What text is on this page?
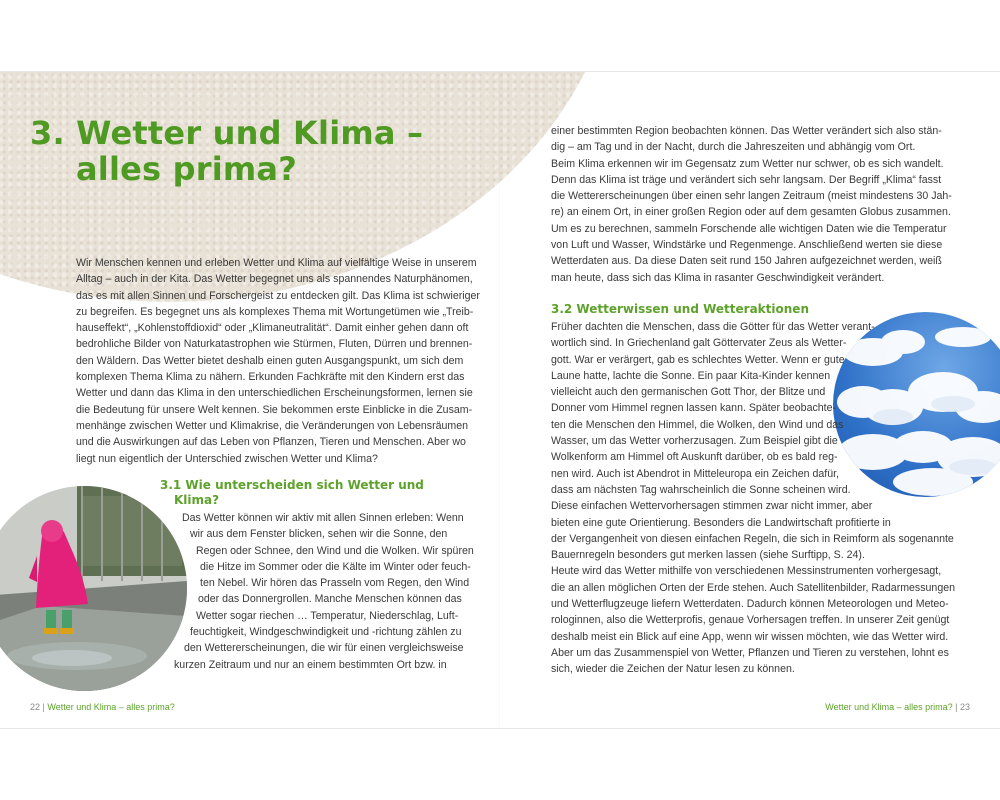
3. Wetter und Klima –
alles prima?
Wir Menschen kennen und erleben Wetter und Klima auf vielfältige Weise in unserem
Alltag – auch in der Kita. Das Wetter begegnet uns als spannendes Naturphänomen,
das es mit allen Sinnen und Forschergeist zu entdecken gilt. Das Klima ist schwieriger
zu begreifen. Es begegnet uns als komplexes Thema mit Wortungetümen wie „Treib-
hauseffekt“, „Kohlenstoffdioxid“ oder „Klimaneutralität“. Damit einher gehen dann oft
bedrohliche Bilder von Naturkatastrophen wie Stürmen, Fluten, Dürren und brennen-
den Wäldern. Das Wetter bietet deshalb einen guten Ausgangspunkt, um sich dem
komplexen Thema Klima zu nähern. Erkunden Fachkräfte mit den Kindern erst das
Wetter und dann das Klima in den unterschiedlichen Erscheinungsformen, lernen sie
die Bedeutung für unsere Welt kennen. Sie bekommen erste Einblicke in die Zusam-
menhänge zwischen Wetter und Klimakrise, die Veränderungen von Lebensräumen
und die Auswirkungen auf das Leben von Pflanzen, Tieren und Menschen. Aber wo
liegt nun eigentlich der Unterschied zwischen Wetter und Klima?
3.1 Wie unterscheiden sich Wetter und
Klima?
Das Wetter können wir aktiv mit allen Sinnen erleben: Wenn
wir aus dem Fenster blicken, sehen wir die Sonne, den
Regen oder Schnee, den Wind und die Wolken. Wir spüren
die Hitze im Sommer oder die Kälte im Winter oder feuch-
ten Nebel. Wir hören das Prasseln vom Regen, den Wind
oder das Donnergrollen. Manche Menschen können das
Wetter sogar riechen … Temperatur, Niederschlag, Luft-
feuchtigkeit, Windgeschwindigkeit und -richtung zählen zu
den Wettererscheinungen, die wir für einen vergleichsweise
kurzen Zeitraum und nur an einem bestimmten Ort bzw. in
einer bestimmten Region beobachten können. Das Wetter verändert sich also stän-
dig – am Tag und in der Nacht, durch die Jahreszeiten und abhängig vom Ort.
Beim Klima erkennen wir im Gegensatz zum Wetter nur schwer, ob es sich wandelt.
Denn das Klima ist träge und verändert sich sehr langsam. Der Begriff „Klima“ fasst
die Wettererscheinungen über einen sehr langen Zeitraum (meist mindestens 30 Jah-
re) an einem Ort, in einer großen Region oder auf dem gesamten Globus zusammen.
Um es zu berechnen, sammeln Forschende alle wichtigen Daten wie die Temperatur
von Luft und Wasser, Windstärke und Regenmenge. Anschließend werten sie diese
Wetterdaten aus. Da diese Daten seit rund 150 Jahren aufgezeichnet werden, weiß
man heute, dass sich das Klima in rasanter Geschwindigkeit verändert.
3.2 Wetterwissen und Wetteraktionen
Früher dachten die Menschen, dass die Götter für das Wetter verant-
wortlich sind. In Griechenland galt Göttervater Zeus als Wetter-
gott. War er verärgert, gab es schlechtes Wetter. Wenn er gute
Laune hatte, lachte die Sonne. Ein paar Kita-Kinder kennen
vielleicht auch den germanischen Gott Thor, der Blitze und
Donner vom Himmel regnen lassen kann. Später beobachte-
ten die Menschen den Himmel, die Wolken, den Wind und das
Wasser, um das Wetter vorherzusagen. Zum Beispiel gibt die
Wolkenform am Himmel oft Auskunft darüber, ob es bald reg-
nen wird. Auch ist Abendrot in Mitteleuropa ein Zeichen dafür,
dass am nächsten Tag wahrscheinlich die Sonne scheinen wird.
Diese einfachen Wettervorhersagen stimmen zwar nicht immer, aber
bieten eine gute Orientierung. Besonders die Landwirtschaft profitierte in
der Vergangenheit von diesen einfachen Regeln, die sich in Reimform als sogenannte
Bauernregeln besonders gut merken lassen (siehe Surftipp, S. 24).
Heute wird das Wetter mithilfe von verschiedenen Messinstrumenten vorhergesagt,
die an allen möglichen Orten der Erde stehen. Auch Satellitenbilder, Radarmessungen
und Wetterflugzeuge liefern Wetterdaten. Dadurch können Meteorologen und Meteo-
rologinnen, also die Wetterprofis, genaue Vorhersagen treffen. In unserer Zeit genügt
deshalb meist ein Blick auf eine App, wenn wir wissen möchten, wie das Wetter wird.
Aber um das Zusammenspiel von Wetter, Pflanzen und Tieren zu verstehen, lohnt es
sich, wieder die Zeichen der Natur lesen zu können.
22 | Wetter und Klima – alles prima?	Wetter und Klima – alles prima? | 23
